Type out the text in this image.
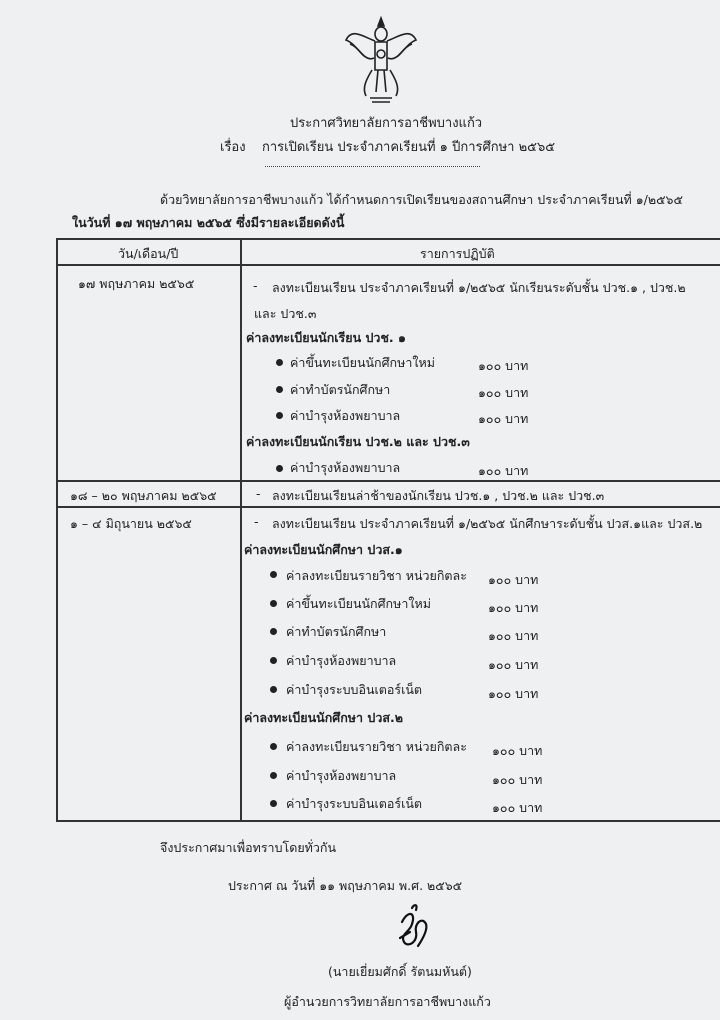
ประกาศวิทยาลัยการอาชีพบางแก้ว
เรื่อง การเปิดเรียน ประจำภาคเรียนที่ ๑ ปีการศึกษา ๒๕๖๕
ด้วยวิทยาลัยการอาชีพบางแก้ว ได้กำหนดการเปิดเรียนของสถานศึกษา ประจำภาคเรียนที่ ๑/๒๕๖๕
ในวันที่ ๑๗ พฤษภาคม ๒๕๖๕ ซึ่งมีรายละเอียดดังนี้
วัน/เดือน/ปี	รายการปฏิบัติ
๑๗ พฤษภาคม ๒๕๖๕	- ลงทะเบียนเรียน ประจำภาคเรียนที่ ๑/๒๕๖๕ นักเรียนระดับชั้น ปวช.๑ , ปวช.๒
และ ปวช.๓
ค่าลงทะเบียนนักเรียน ปวช. ๑
ค่าขึ้นทะเบียนนักศึกษาใหม่	๑๐๐ บาท
ค่าทำบัตรนักศึกษา	๑๐๐ บาท
ค่าบำรุงห้องพยาบาล	๑๐๐ บาท
ค่าลงทะเบียนนักเรียน ปวช.๒ และ ปวช.๓
ค่าบำรุงห้องพยาบาล	๑๐๐ บาท
๑๘ – ๒๐ พฤษภาคม ๒๕๖๕	- ลงทะเบียนเรียนล่าช้าของนักเรียน ปวช.๑ , ปวช.๒ และ ปวช.๓
๑ – ๔ มิถุนายน ๒๕๖๕	- ลงทะเบียนเรียน ประจำภาคเรียนที่ ๑/๒๕๖๕ นักศึกษาระดับชั้น ปวส.๑และ ปวส.๒
ค่าลงทะเบียนนักศึกษา ปวส.๑
ค่าลงทะเบียนรายวิชา หน่วยกิตละ ๑๐๐ บาท
ค่าขึ้นทะเบียนนักศึกษาใหม่	๑๐๐ บาท
ค่าทำบัตรนักศึกษา	๑๐๐ บาท
ค่าบำรุงห้องพยาบาล	๑๐๐ บาท
ค่าบำรุงระบบอินเตอร์เน็ต	๑๐๐ บาท
ค่าลงทะเบียนนักศึกษา ปวส.๒
ค่าลงทะเบียนรายวิชา หน่วยกิตละ ๑๐๐ บาท
ค่าบำรุงห้องพยาบาล	๑๐๐ บาท
ค่าบำรุงระบบอินเตอร์เน็ต	๑๐๐ บาท
จึงประกาศมาเพื่อทราบโดยทั่วกัน
ประกาศ ณ วันที่ ๑๑ พฤษภาคม พ.ศ. ๒๕๖๕
(นายเยี่ยมศักดิ์ รัตนมหันต์)
ผู้อำนวยการวิทยาลัยการอาชีพบางแก้ว
